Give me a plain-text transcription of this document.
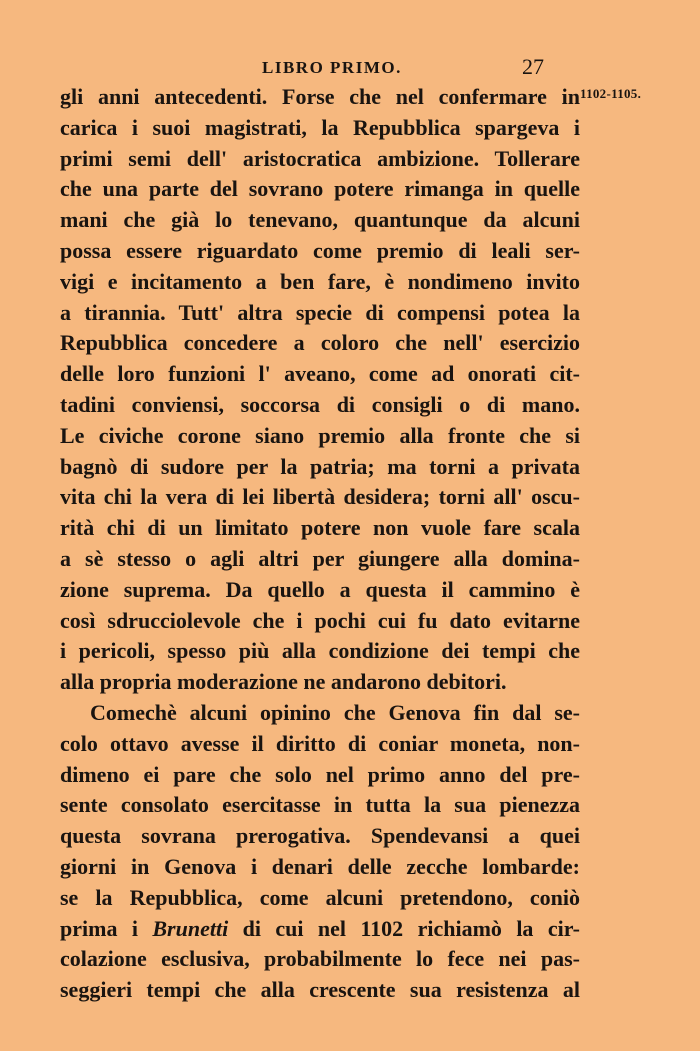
LIBRO PRIMO.	27
1102-1105.
gli anni antecedenti. Forse che nel confermare in
carica i suoi magistrati, la Repubblica spargeva i
primi semi dell' aristocratica ambizione. Tollerare
che una parte del sovrano potere rimanga in quelle
mani che già lo tenevano, quantunque da alcuni
possa essere riguardato come premio di leali ser-
vigi e incitamento a ben fare, è nondimeno invito
a tirannia. Tutt' altra specie di compensi potea la
Repubblica concedere a coloro che nell' esercizio
delle loro funzioni l' aveano, come ad onorati cit-
tadini conviensi, soccorsa di consigli o di mano.
Le civiche corone siano premio alla fronte che si
bagnò di sudore per la patria; ma torni a privata
vita chi la vera di lei libertà desidera; torni all' oscu-
rità chi di un limitato potere non vuole fare scala
a sè stesso o agli altri per giungere alla domina-
zione suprema. Da quello a questa il cammino è
così sdrucciolevole che i pochi cui fu dato evitarne
i pericoli, spesso più alla condizione dei tempi che
alla propria moderazione ne andarono debitori.
Comechè alcuni opinino che Genova fin dal se-
colo ottavo avesse il diritto di coniar moneta, non-
dimeno ei pare che solo nel primo anno del pre-
sente consolato esercitasse in tutta la sua pienezza
questa sovrana prerogativa. Spendevansi a quei
giorni in Genova i denari delle zecche lombarde:
se la Repubblica, come alcuni pretendono, coniò
prima i Brunetti di cui nel 1102 richiamò la cir-
colazione esclusiva, probabilmente lo fece nei pas-
seggieri tempi che alla crescente sua resistenza al
